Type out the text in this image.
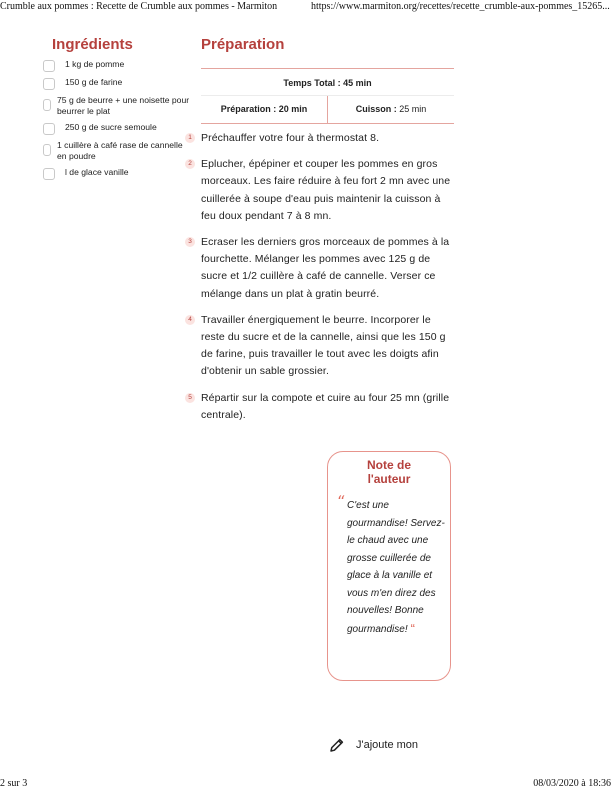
Crumble aux pommes : Recette de Crumble aux pommes - Marmiton	https://www.marmiton.org/recettes/recette_crumble-aux-pommes_15265...
Ingrédients
1 kg de pomme
150 g de farine
75 g de beurre + une noisette pour beurrer le plat
250 g de sucre semoule
1 cuillère à café rase de cannelle en poudre
l de glace vanille
Préparation
Temps Total : 45 min
Préparation : 20 min	Cuisson : 25 min
1 Préchauffer votre four à thermostat 8.
2 Eplucher, épépiner et couper les pommes en gros morceaux. Les faire réduire à feu fort 2 mn avec une cuillerée à soupe d'eau puis maintenir la cuisson à feu doux pendant 7 à 8 mn.
3 Ecraser les derniers gros morceaux de pommes à la fourchette. Mélanger les pommes avec 125 g de sucre et 1/2 cuillère à café de cannelle. Verser ce mélange dans un plat à gratin beurré.
4 Travailler énergiquement le beurre. Incorporer le reste du sucre et de la cannelle, ainsi que les 150 g de farine, puis travailler le tout avec les doigts afin d'obtenir un sable grossier.
5 Répartir sur la compote et cuire au four 25 mn (grille centrale).
Note de
l'auteur
“ C'est une gourmandise! Servez-le chaud avec une grosse cuillerée de glace à la vanille et vous m'en direz des nouvelles! Bonne gourmandise! “
J'ajoute mon
2 sur 3	08/03/2020 à 18:36
